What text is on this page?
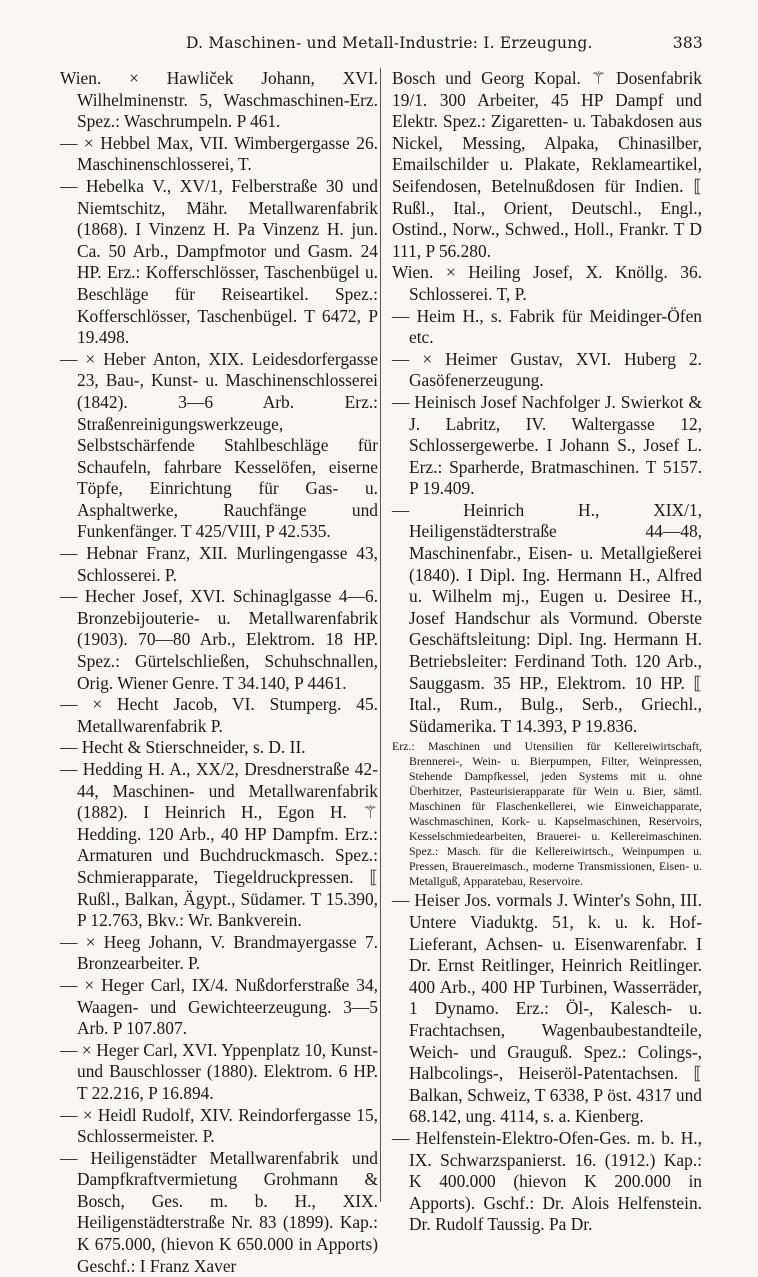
D. Maschinen- und Metall-Industrie: I. Erzeugung.	383

Wien. × Hawliček Johann, XVI. Wilhelminenstr. 5, Waschmaschinen-Erz. Spez.: Waschrumpeln. P 461.

— × Hebbel Max, VII. Wimbergergasse 26. Maschinenschlosserei, T.

— Hebelka V., XV/1, Felberstraße 30 und Niemtschitz, Mähr. Metallwarenfabrik (1868). I Vinzenz H. Pa Vinzenz H. jun. Ca. 50 Arb., Dampfmotor und Gasm. 24 HP. Erz.: Kofferschlösser, Taschenbügel u. Beschläge für Reiseartikel. Spez.: Kofferschlösser, Taschenbügel. T 6472, P 19.498.

— × Heber Anton, XIX. Leidesdorfergasse 23, Bau-, Kunst- u. Maschinenschlosserei (1842). 3—6 Arb. Erz.: Straßenreinigungswerkzeuge, Selbstschärfende Stahlbeschläge für Schaufeln, fahrbare Kesselöfen, eiserne Töpfe, Einrichtung für Gas- u. Asphaltwerke, Rauchfänge und Funkenfänger. T 425/VIII, P 42.535.

— Hebnar Franz, XII. Murlingengasse 43, Schlosserei. P.

— Hecher Josef, XVI. Schinaglgasse 4—6. Bronzebijouterie- u. Metallwarenfabrik (1903). 70—80 Arb., Elektrom. 18 HP. Spez.: Gürtelschließen, Schuhschnallen, Orig. Wiener Genre. T 34.140, P 4461.

— × Hecht Jacob, VI. Stumperg. 45. Metallwarenfabrik P.

— Hecht & Stierschneider, s. D. II.

— Hedding H. A., XX/2, Dresdnerstraße 42-44, Maschinen- und Metallwarenfabrik (1882). I Heinrich H., Egon H. ⚚ Hedding. 120 Arb., 40 HP Dampfm. Erz.: Armaturen und Buchdruckmasch. Spez.: Schmierapparate, Tiegeldruckpressen. ⟦ Rußl., Balkan, Ägypt., Südamer. T 15.390, P 12.763, Bkv.: Wr. Bankverein.

— × Heeg Johann, V. Brandmayergasse 7. Bronzearbeiter. P.

— × Heger Carl, IX/4. Nußdorferstraße 34, Waagen- und Gewichteerzeugung. 3—5 Arb. P 107.807.

— × Heger Carl, XVI. Yppenplatz 10, Kunst- und Bauschlosser (1880). Elektrom. 6 HP. T 22.216, P 16.894.

— × Heidl Rudolf, XIV. Reindorfergasse 15, Schlossermeister. P.

— Heiligenstädter Metallwarenfabrik und Dampfkraftvermietung Grohmann & Bosch, Ges. m. b. H., XIX. Heiligenstädterstraße Nr. 83 (1899). Kap.: K 675.000, (hievon K 650.000 in Apports) Geschf.: I Franz Xaver

Bosch und Georg Kopal. ⚚ Dosenfabrik 19/1. 300 Arbeiter, 45 HP Dampf und Elektr. Spez.: Zigaretten- u. Tabakdosen aus Nickel, Messing, Alpaka, Chinasilber, Emailschilder u. Plakate, Reklameartikel, Seifendosen, Betelnußdosen für Indien. ⟦ Rußl., Ital., Orient, Deutschl., Engl., Ostind., Norw., Schwed., Holl., Frankr. T D 111, P 56.280.

Wien. × Heiling Josef, X. Knöllg. 36. Schlosserei. T, P.

— Heim H., s. Fabrik für Meidinger-Öfen etc.

— × Heimer Gustav, XVI. Huberg 2. Gasöfenerzeugung.

— Heinisch Josef Nachfolger J. Swierkot & J. Labritz, IV. Waltergasse 12, Schlossergewerbe. I Johann S., Josef L. Erz.: Sparherde, Bratmaschinen. T 5157. P 19.409.

— Heinrich H., XIX/1, Heiligenstädterstraße 44—48, Maschinenfabr., Eisen- u. Metallgießerei (1840). I Dipl. Ing. Hermann H., Alfred u. Wilhelm mj., Eugen u. Desiree H., Josef Handschur als Vormund. Oberste Geschäftsleitung: Dipl. Ing. Hermann H. Betriebsleiter: Ferdinand Toth. 120 Arb., Sauggasm. 35 HP., Elektrom. 10 HP. ⟦ Ital., Rum., Bulg., Serb., Griechl., Südamerika. T 14.393, P 19.836.

Erz.: Maschinen und Utensilien für Kellereiwirtschaft, Brennerei-, Wein- u. Bierpumpen, Filter, Weinpressen, Stehende Dampfkessel, jeden Systems mit u. ohne Überhitzer, Pasteurisierapparate für Wein u. Bier, sämtl. Maschinen für Flaschenkellerei, wie Einweichapparate, Waschmaschinen, Kork- u. Kapselmaschinen, Reservoirs, Kesselschmiedearbeiten, Brauerei- u. Kellereimaschinen. Spez.: Masch. für die Kellereiwirtsch., Weinpumpen u. Pressen, Brauereimasch., moderne Transmissionen, Eisen- u. Metallguß, Apparatebau, Reservoire.

— Heiser Jos. vormals J. Winter's Sohn, III. Untere Viaduktg. 51, k. u. k. Hof-Lieferant, Achsen- u. Eisenwarenfabr. I Dr. Ernst Reitlinger, Heinrich Reitlinger. 400 Arb., 400 HP Turbinen, Wasserräder, 1 Dynamo. Erz.: Öl-, Kalesch- u. Frachtachsen, Wagenbaubestandteile, Weich- und Grauguß. Spez.: Colings-, Halbcolings-, Heiseröl-Patentachsen. ⟦ Balkan, Schweiz, T 6338, P öst. 4317 und 68.142, ung. 4114, s. a. Kienberg.

— Helfenstein-Elektro-Ofen-Ges. m. b. H., IX. Schwarzspanierst. 16. (1912.) Kap.: K 400.000 (hievon K 200.000 in Apports). Gschf.: Dr. Alois Helfenstein. Dr. Rudolf Taussig. Pa Dr.
